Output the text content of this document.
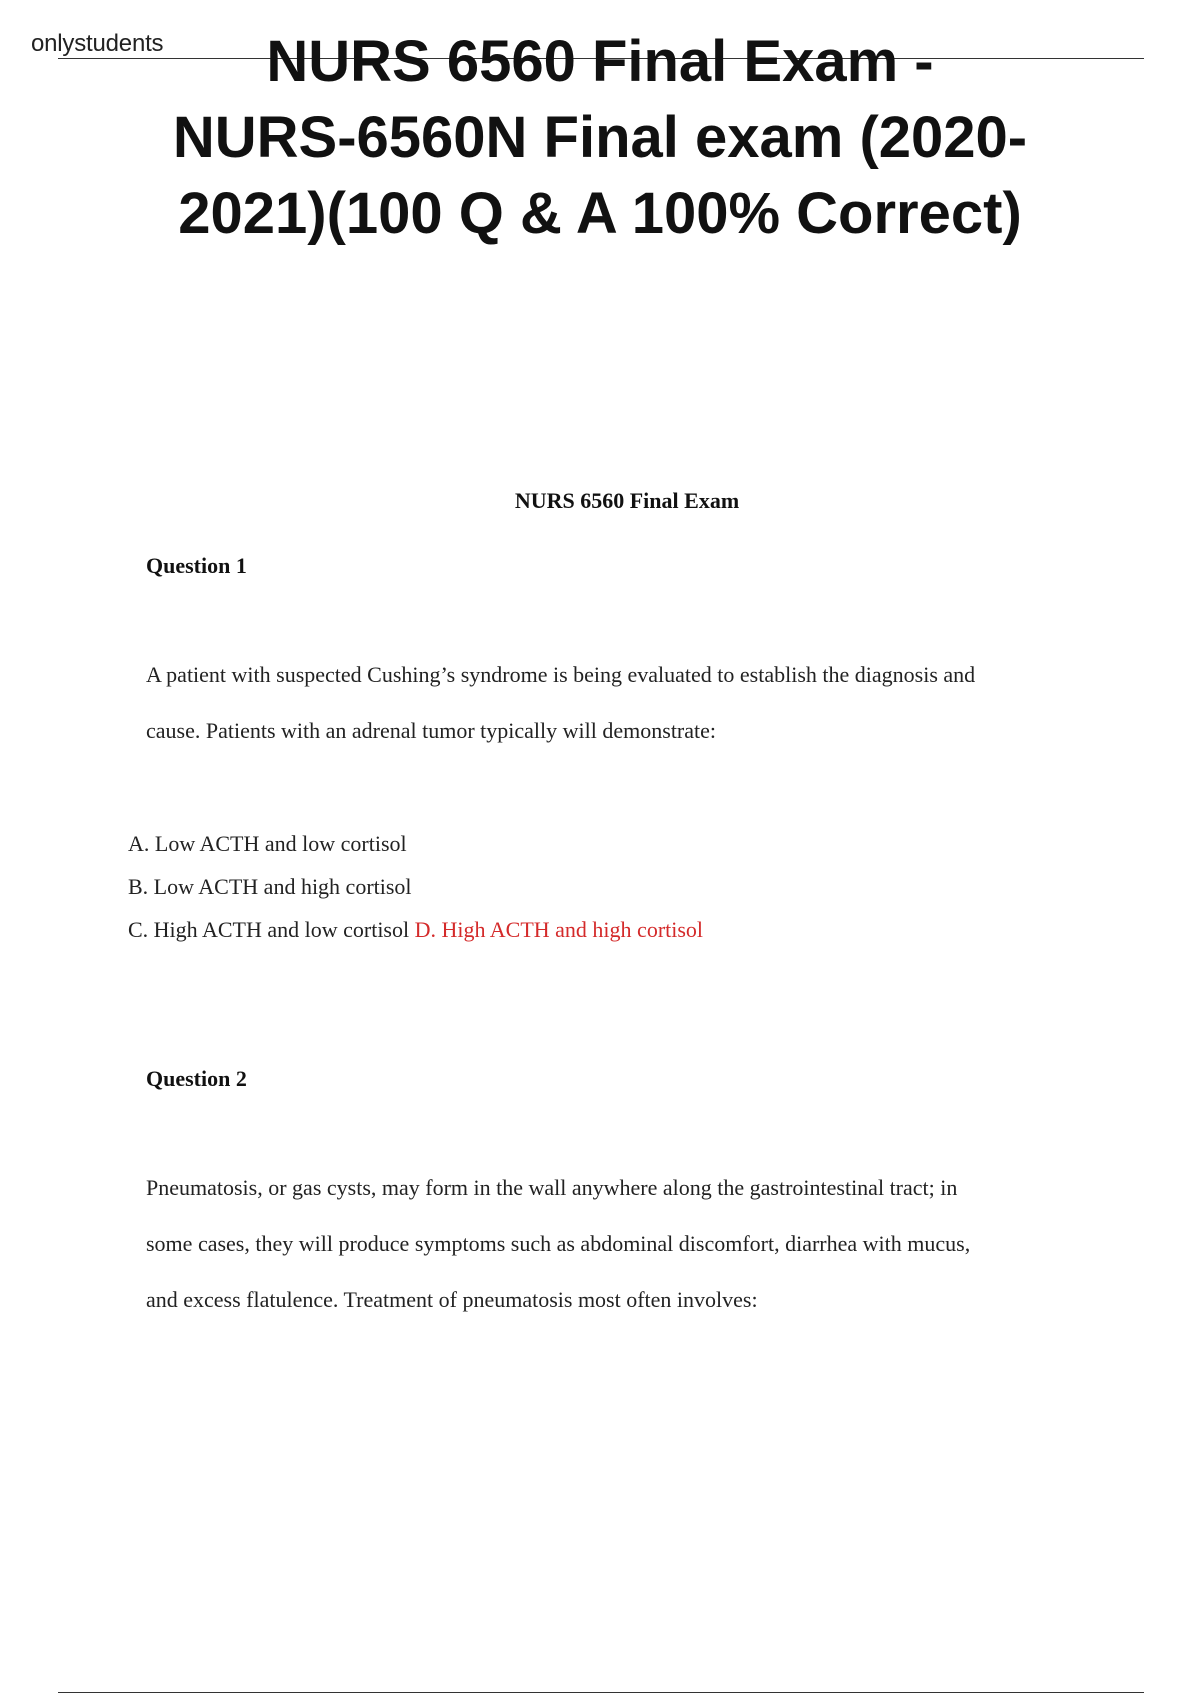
onlystudents	NURS 6560 Final Exam -
NURS-6560N Final exam (2020-
2021)(100 Q & A 100% Correct)
NURS 6560 Final Exam
Question 1
A patient with suspected Cushing’s syndrome is being evaluated to establish the diagnosis and
cause. Patients with an adrenal tumor typically will demonstrate:
A. Low ACTH and low cortisol
B. Low ACTH and high cortisol
C. High ACTH and low cortisol D. High ACTH and high cortisol
Question 2
Pneumatosis, or gas cysts, may form in the wall anywhere along the gastrointestinal tract; in
some cases, they will produce symptoms such as abdominal discomfort, diarrhea with mucus,
and excess flatulence. Treatment of pneumatosis most often involves:
